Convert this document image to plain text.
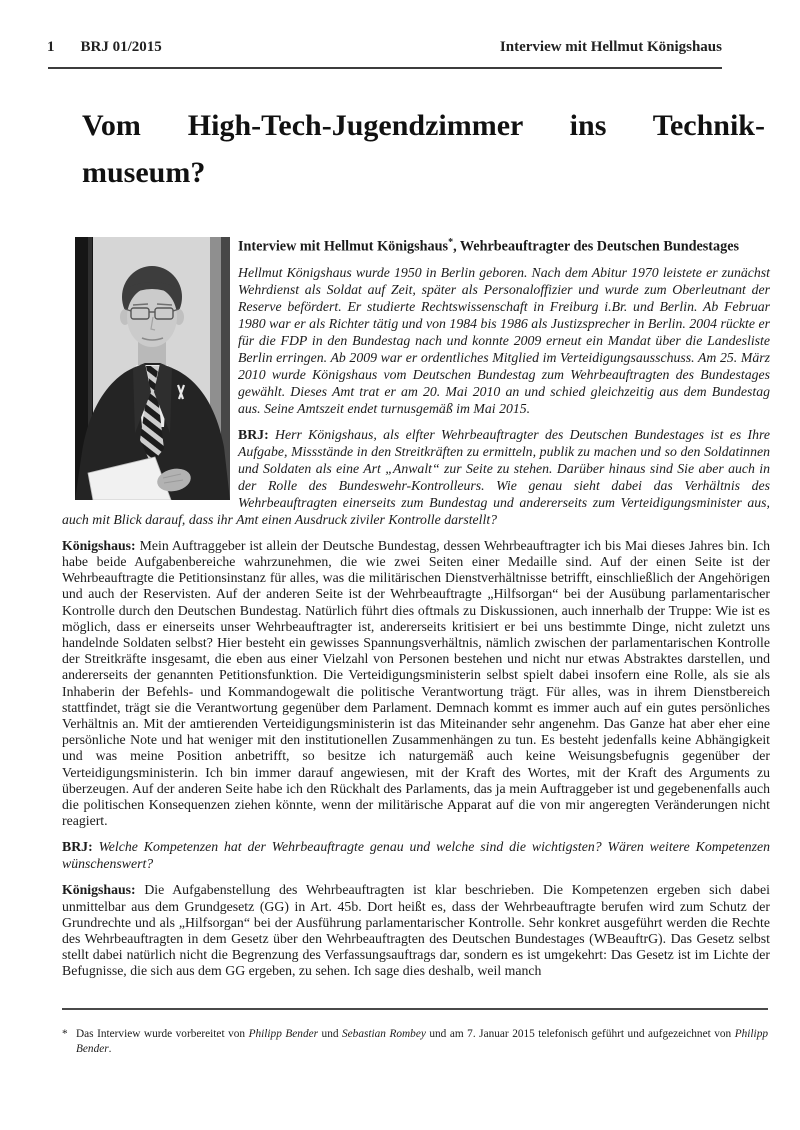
1 BRJ 01/2015	Interview mit Hellmut Königshaus
Vom High-Tech-Jugendzimmer ins Technik-
museum?

Interview mit Hellmut Königshaus*, Wehrbeauftragter des Deutschen Bundestages

Hellmut Königshaus wurde 1950 in Berlin geboren. Nach dem Abitur 1970 leistete er zunächst Wehrdienst als Soldat auf Zeit, später als Personaloffizier und wurde zum Oberleutnant der Reserve befördert. Er studierte Rechtswissenschaft in Freiburg i.Br. und Berlin. Ab Februar 1980 war er als Richter tätig und von 1984 bis 1986 als Justizsprecher in Berlin. 2004 rückte er für die FDP in den Bundestag nach und konnte 2009 erneut ein Mandat über die Landesliste Berlin erringen. Ab 2009 war er ordentliches Mitglied im Verteidigungsausschuss. Am 25. März 2010 wurde Königshaus vom Deutschen Bundestag zum Wehrbeauftragten des Bundestages gewählt. Dieses Amt trat er am 20. Mai 2010 an und schied gleichzeitig aus dem Bundestag aus. Seine Amtszeit endet turnusgemäß im Mai 2015.

BRJ: Herr Königshaus, als elfter Wehrbeauftragter des Deutschen Bundestages ist es Ihre Aufgabe, Missstände in den Streitkräften zu ermitteln, publik zu machen und so den Soldatinnen und Soldaten als eine Art „Anwalt“ zur Seite zu stehen. Darüber hinaus sind Sie aber auch in der Rolle des Bundeswehr-Kontrolleurs. Wie genau sieht dabei das Verhältnis des Wehrbeauftragten einerseits zum Bundestag und andererseits zum Verteidigungsminister aus, auch mit Blick darauf, dass ihr Amt einen Ausdruck ziviler Kontrolle darstellt?

Königshaus: Mein Auftraggeber ist allein der Deutsche Bundestag, dessen Wehrbeauftragter ich bis Mai dieses Jahres bin. Ich habe beide Aufgabenbereiche wahrzunehmen, die wie zwei Seiten einer Medaille sind. Auf der einen Seite ist der Wehrbeauftragte die Petitionsinstanz für alles, was die militärischen Dienstverhältnisse betrifft, einschließlich der Angehörigen und auch der Reservisten. Auf der anderen Seite ist der Wehrbeauftragte „Hilfsorgan“ bei der Ausübung parlamentarischer Kontrolle durch den Deutschen Bundestag. Natürlich führt dies oftmals zu Diskussionen, auch innerhalb der Truppe: Wie ist es möglich, dass er einerseits unser Wehrbeauftragter ist, andererseits kritisiert er bei uns bestimmte Dinge, nicht zuletzt uns handelnde Soldaten selbst? Hier besteht ein gewisses Spannungsverhältnis, nämlich zwischen der parlamentarischen Kontrolle der Streitkräfte insgesamt, die eben aus einer Vielzahl von Personen bestehen und nicht nur etwas Abstraktes darstellen, und andererseits der genannten Petitionsfunktion. Die Verteidigungsministerin selbst spielt dabei insofern eine Rolle, als sie als Inhaberin der Befehls- und Kommandogewalt die politische Verantwortung trägt. Für alles, was in ihrem Dienstbereich stattfindet, trägt sie die Verantwortung gegenüber dem Parlament. Demnach kommt es immer auch auf ein gutes persönliches Verhältnis an. Mit der amtierenden Verteidigungsministerin ist das Miteinander sehr angenehm. Das Ganze hat aber eher eine persönliche Note und hat weniger mit den institutionellen Zusammenhängen zu tun. Es besteht jedenfalls keine Abhängigkeit und was meine Position anbetrifft, so besitze ich naturgemäß auch keine Weisungsbefugnis gegenüber der Verteidigungsministerin. Ich bin immer darauf angewiesen, mit der Kraft des Wortes, mit der Kraft des Arguments zu überzeugen. Auf der anderen Seite habe ich den Rückhalt des Parlaments, das ja mein Auftraggeber ist und gegebenenfalls auch die politischen Konsequenzen ziehen könnte, wenn der militärische Apparat auf die von mir angeregten Veränderungen nicht reagiert.

BRJ: Welche Kompetenzen hat der Wehrbeauftragte genau und welche sind die wichtigsten? Wären weitere Kompetenzen wünschenswert?

Königshaus: Die Aufgabenstellung des Wehrbeauftragten ist klar beschrieben. Die Kompetenzen ergeben sich dabei unmittelbar aus dem Grundgesetz (GG) in Art. 45b. Dort heißt es, dass der Wehrbeauftragte berufen wird zum Schutz der Grundrechte und als „Hilfsorgan“ bei der Ausführung parlamentarischer Kontrolle. Sehr konkret ausgeführt werden die Rechte des Wehrbeauftragten in dem Gesetz über den Wehrbeauftragten des Deutschen Bundestages (WBeauftrG). Das Gesetz selbst stellt dabei natürlich nicht die Begrenzung des Verfassungsauftrags dar, sondern es ist umgekehrt: Das Gesetz ist im Lichte der Befugnisse, die sich aus dem GG ergeben, zu sehen. Ich sage dies deshalb, weil manch

* Das Interview wurde vorbereitet von Philipp Bender und Sebastian Rombey und am 7. Januar 2015 telefonisch geführt und aufgezeichnet von Philipp Bender.
